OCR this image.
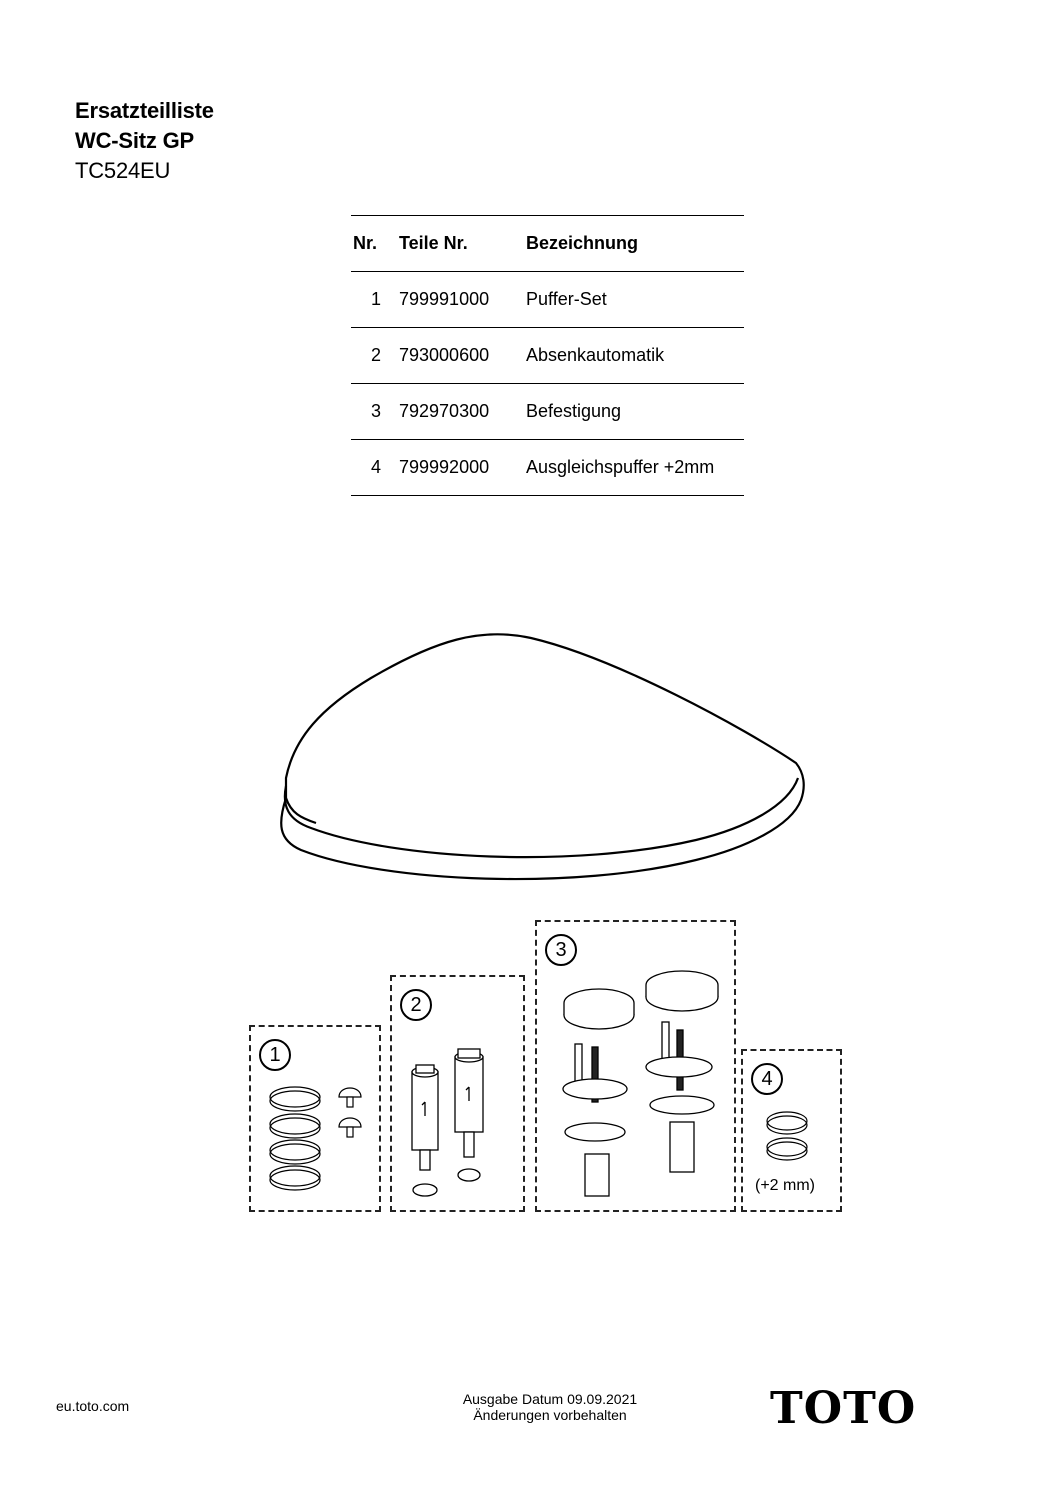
Ersatzteilliste
WC-Sitz GP
TC524EU
Nr.	Teile Nr.	Bezeichnung
1	799991000	Puffer-Set
2	793000600	Absenkautomatik
3	792970300	Befestigung
4	799992000	Ausgleichspuffer +2mm
1
2
3
4
(+2 mm)
eu.toto.com	Ausgabe Datum 09.09.2021
Änderungen vorbehalten	TOTO
